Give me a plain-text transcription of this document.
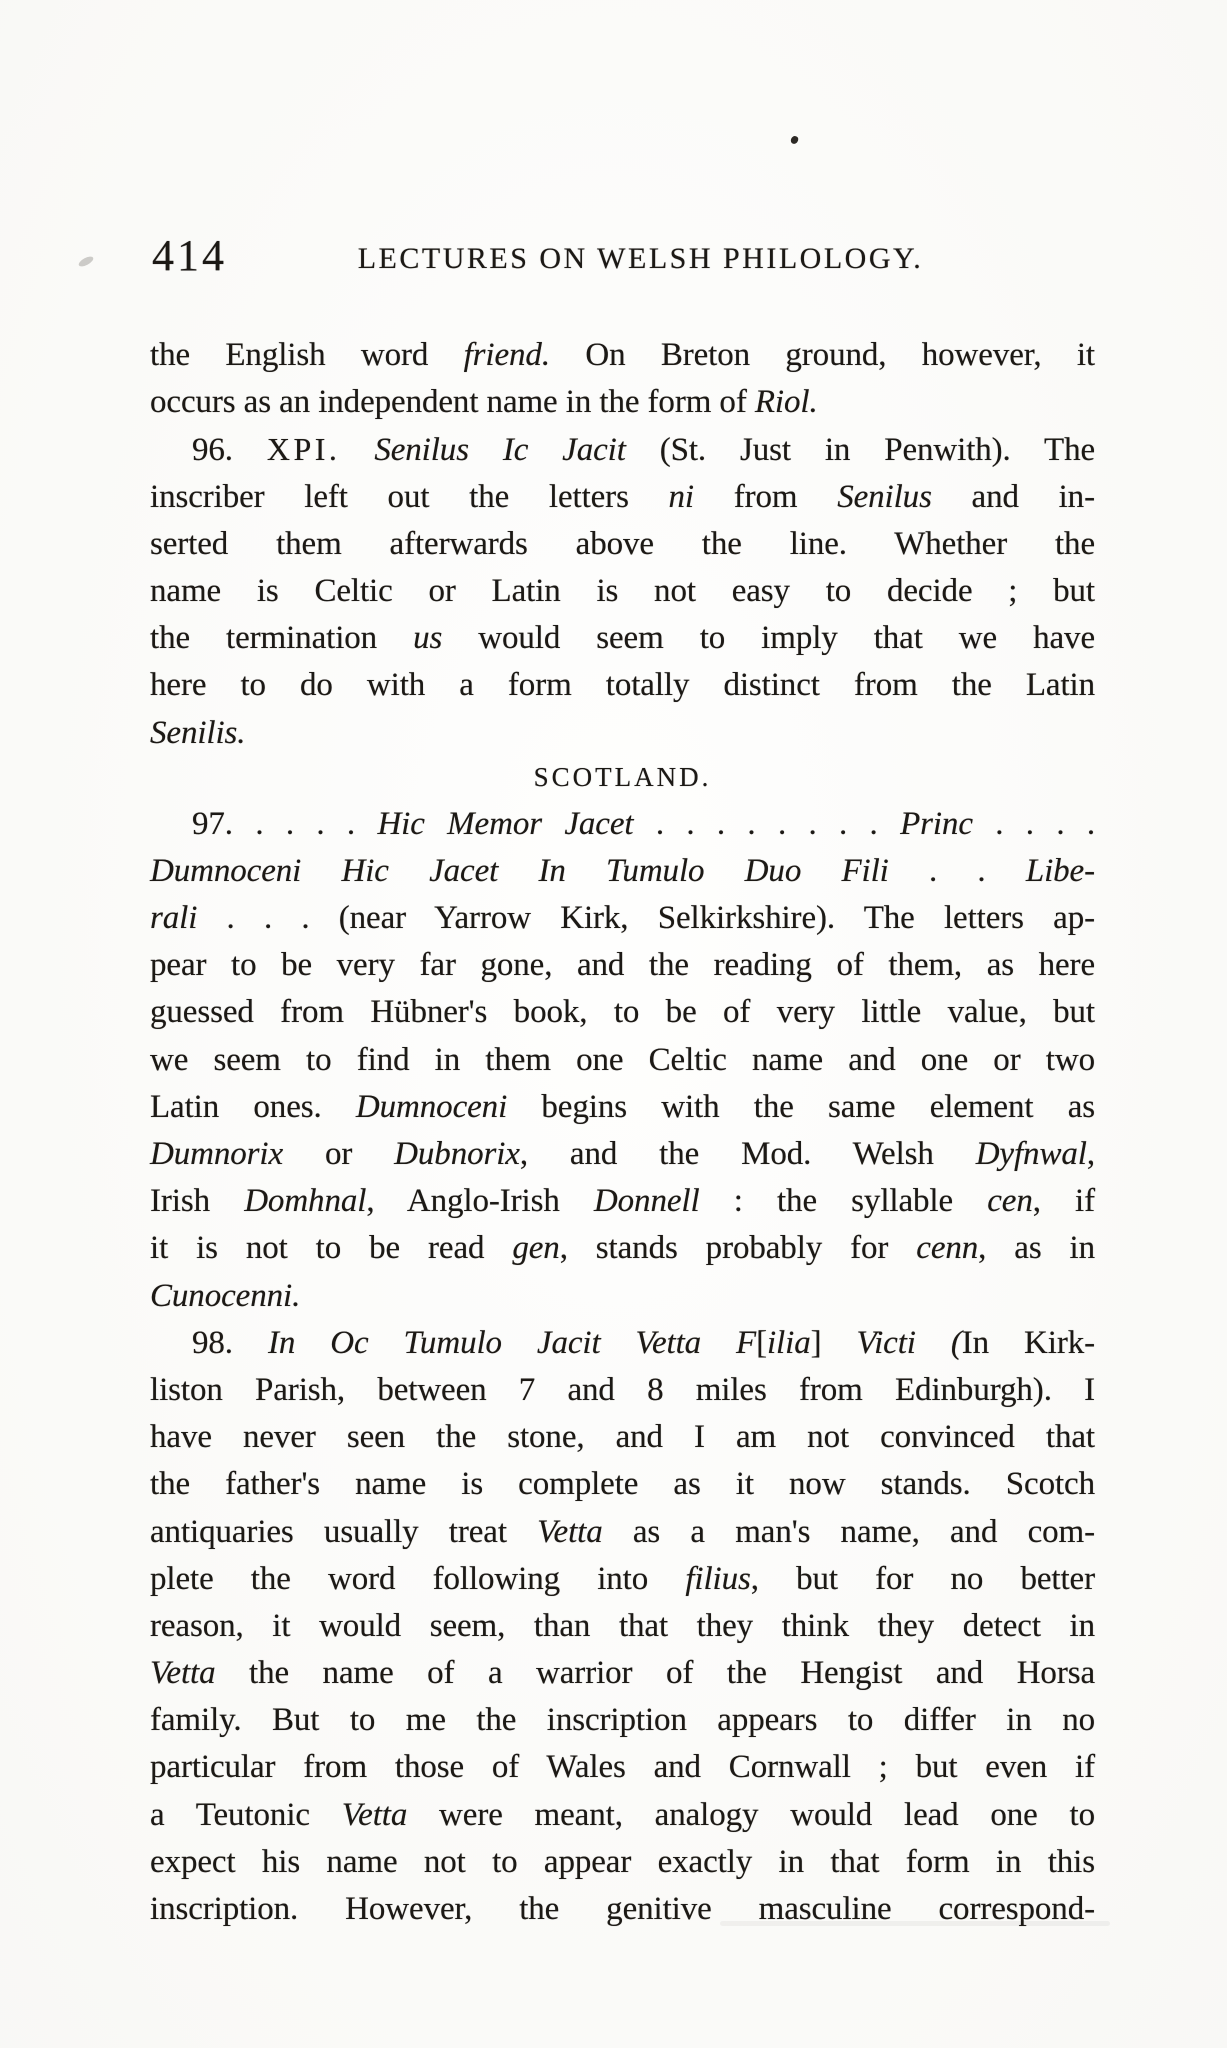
414	LECTURES ON WELSH PHILOLOGY.
the English word friend. On Breton ground, however, it
occurs as an independent name in the form of Riol.
96. XPI. Senilus Ic Jacit (St. Just in Penwith). The
inscriber left out the letters ni from Senilus and in-
serted them afterwards above the line. Whether the
name is Celtic or Latin is not easy to decide ; but
the termination us would seem to imply that we have
here to do with a form totally distinct from the Latin
Senilis.
SCOTLAND.
97. . . . . Hic Memor Jacet . . . . . . . . Princ . . . .
Dumnoceni Hic Jacet In Tumulo Duo Fili . . Libe-
rali . . . (near Yarrow Kirk, Selkirkshire). The letters ap-
pear to be very far gone, and the reading of them, as here
guessed from Hübner's book, to be of very little value, but
we seem to find in them one Celtic name and one or two
Latin ones. Dumnoceni begins with the same element as
Dumnorix or Dubnorix, and the Mod. Welsh Dyfnwal,
Irish Domhnal, Anglo-Irish Donnell : the syllable cen, if
it is not to be read gen, stands probably for cenn, as in
Cunocenni.
98. In Oc Tumulo Jacit Vetta F[ilia] Victi (In Kirk-
liston Parish, between 7 and 8 miles from Edinburgh). I
have never seen the stone, and I am not convinced that
the father's name is complete as it now stands. Scotch
antiquaries usually treat Vetta as a man's name, and com-
plete the word following into filius, but for no better
reason, it would seem, than that they think they detect in
Vetta the name of a warrior of the Hengist and Horsa
family. But to me the inscription appears to differ in no
particular from those of Wales and Cornwall ; but even if
a Teutonic Vetta were meant, analogy would lead one to
expect his name not to appear exactly in that form in this
inscription. However, the genitive masculine correspond-
